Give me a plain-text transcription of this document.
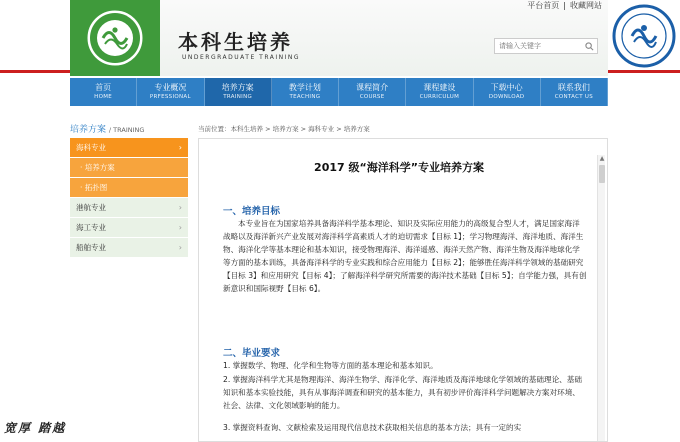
本科生培养
UNDERGRADUATE TRAINING
请输入关键字
平台首页 | 收藏网站
首页
HOME
专业概况
PRFESSIONAL
培养方案
TRAINING
教学计划
TEACHING
课程简介
COURSE
课程建设
CURRICULUM
下载中心
DOWNLOAD
联系我们
CONTACT US
培养方案 / TRAINING
海科专业	›
· 培养方案
· 拓扑图
港航专业	›
海工专业	›
船舶专业	›
当前位置：本科生培养 > 培养方案 > 海科专业 > 培养方案
2017 级“海洋科学”专业培养方案
一、培养目标
本专业旨在为国家培养具备海洋科学基本理论、知识及实际应用能力的高级复合型人才，满足国家海洋战略以及海洋新兴产业发展对海洋科学高素质人才的迫切需求【目标 1】；学习物理海洋、海洋地质、海洋生物、海洋化学等基本理论和基本知识，接受物理海洋、海洋遥感、海洋天然产物、海洋生物及海洋地球化学等方面的基本训练，具备海洋科学的专业实践和综合应用能力【目标 2】；能够胜任海洋科学领域的基础研究【目标 3】和应用研究【目标 4】；了解海洋科学研究所需要的海洋技术基础【目标 5】；自学能力强，具有创新意识和国际视野【目标 6】。
二、毕业要求
1. 掌握数学、物理、化学和生物等方面的基本理论和基本知识。
2. 掌握海洋科学尤其是物理海洋、海洋生物学、海洋化学、海洋地质及海洋地球化学领域的基础理论、基础知识和基本实验技能，具有从事海洋调查和研究的基本能力，具有初步评价海洋科学问题解决方案对环境、社会、法律、文化领域影响的能力。
3. 掌握资料查询、文献检索及运用现代信息技术获取相关信息的基本方法；具有一定的实
▲
宽厚 踏越
